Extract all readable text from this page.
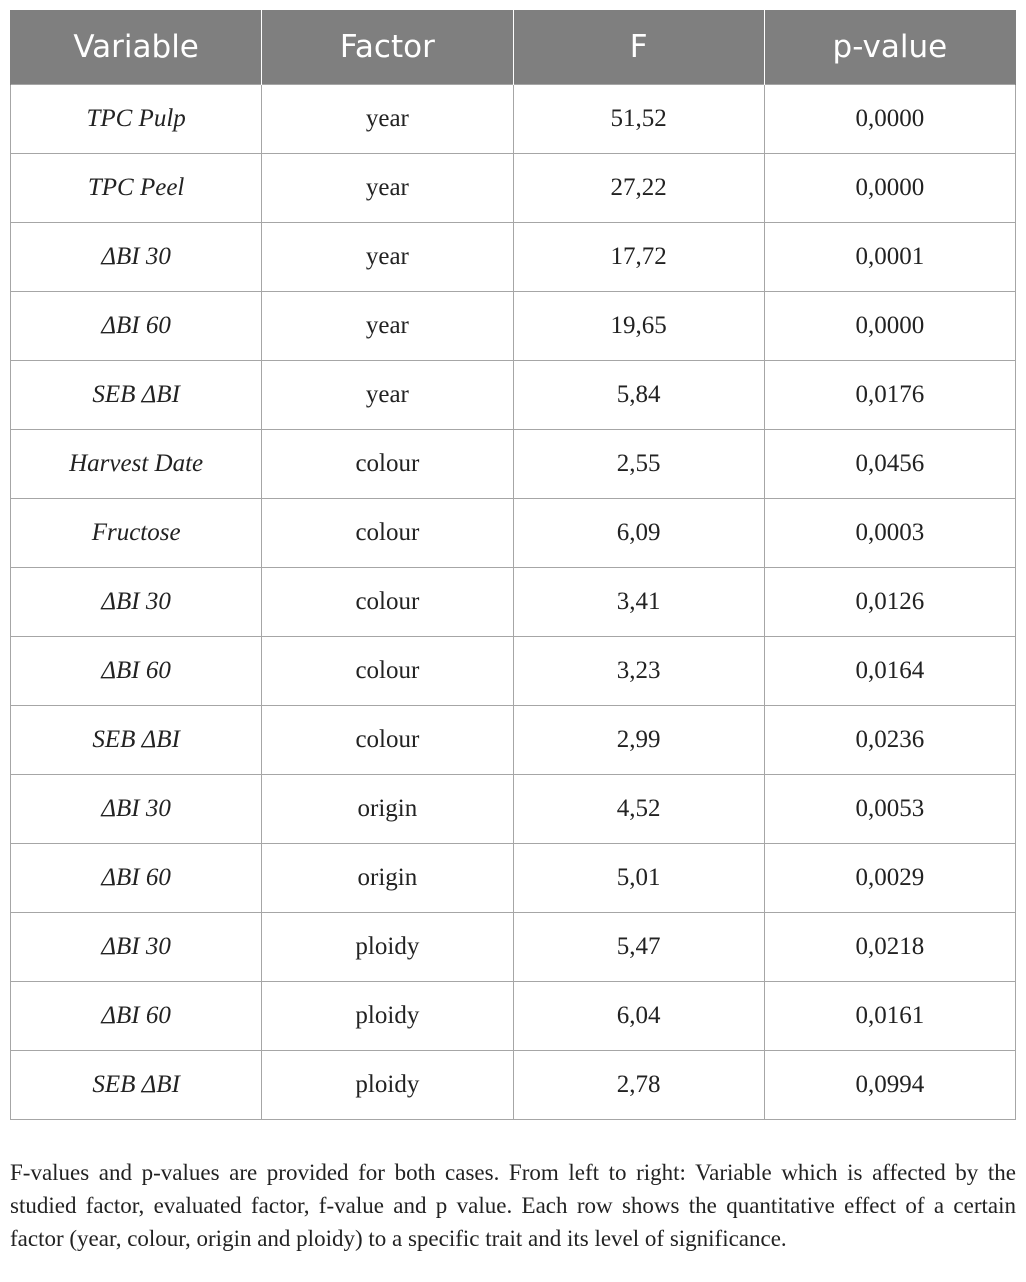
Variable	Factor	F	p-value
TPC Pulp	year	51,52	0,0000
TPC Peel	year	27,22	0,0000
ΔBI 30	year	17,72	0,0001
ΔBI 60	year	19,65	0,0000
SEB ΔBI	year	5,84	0,0176
Harvest Date	colour	2,55	0,0456
Fructose	colour	6,09	0,0003
ΔBI 30	colour	3,41	0,0126
ΔBI 60	colour	3,23	0,0164
SEB ΔBI	colour	2,99	0,0236
ΔBI 30	origin	4,52	0,0053
ΔBI 60	origin	5,01	0,0029
ΔBI 30	ploidy	5,47	0,0218
ΔBI 60	ploidy	6,04	0,0161
SEB ΔBI	ploidy	2,78	0,0994

F-values and p-values are provided for both cases. From left to right: Variable which is affected by the studied factor, evaluated factor, f-value and p value. Each row shows the quantitative effect of a certain factor (year, colour, origin and ploidy) to a specific trait and its level of significance.
